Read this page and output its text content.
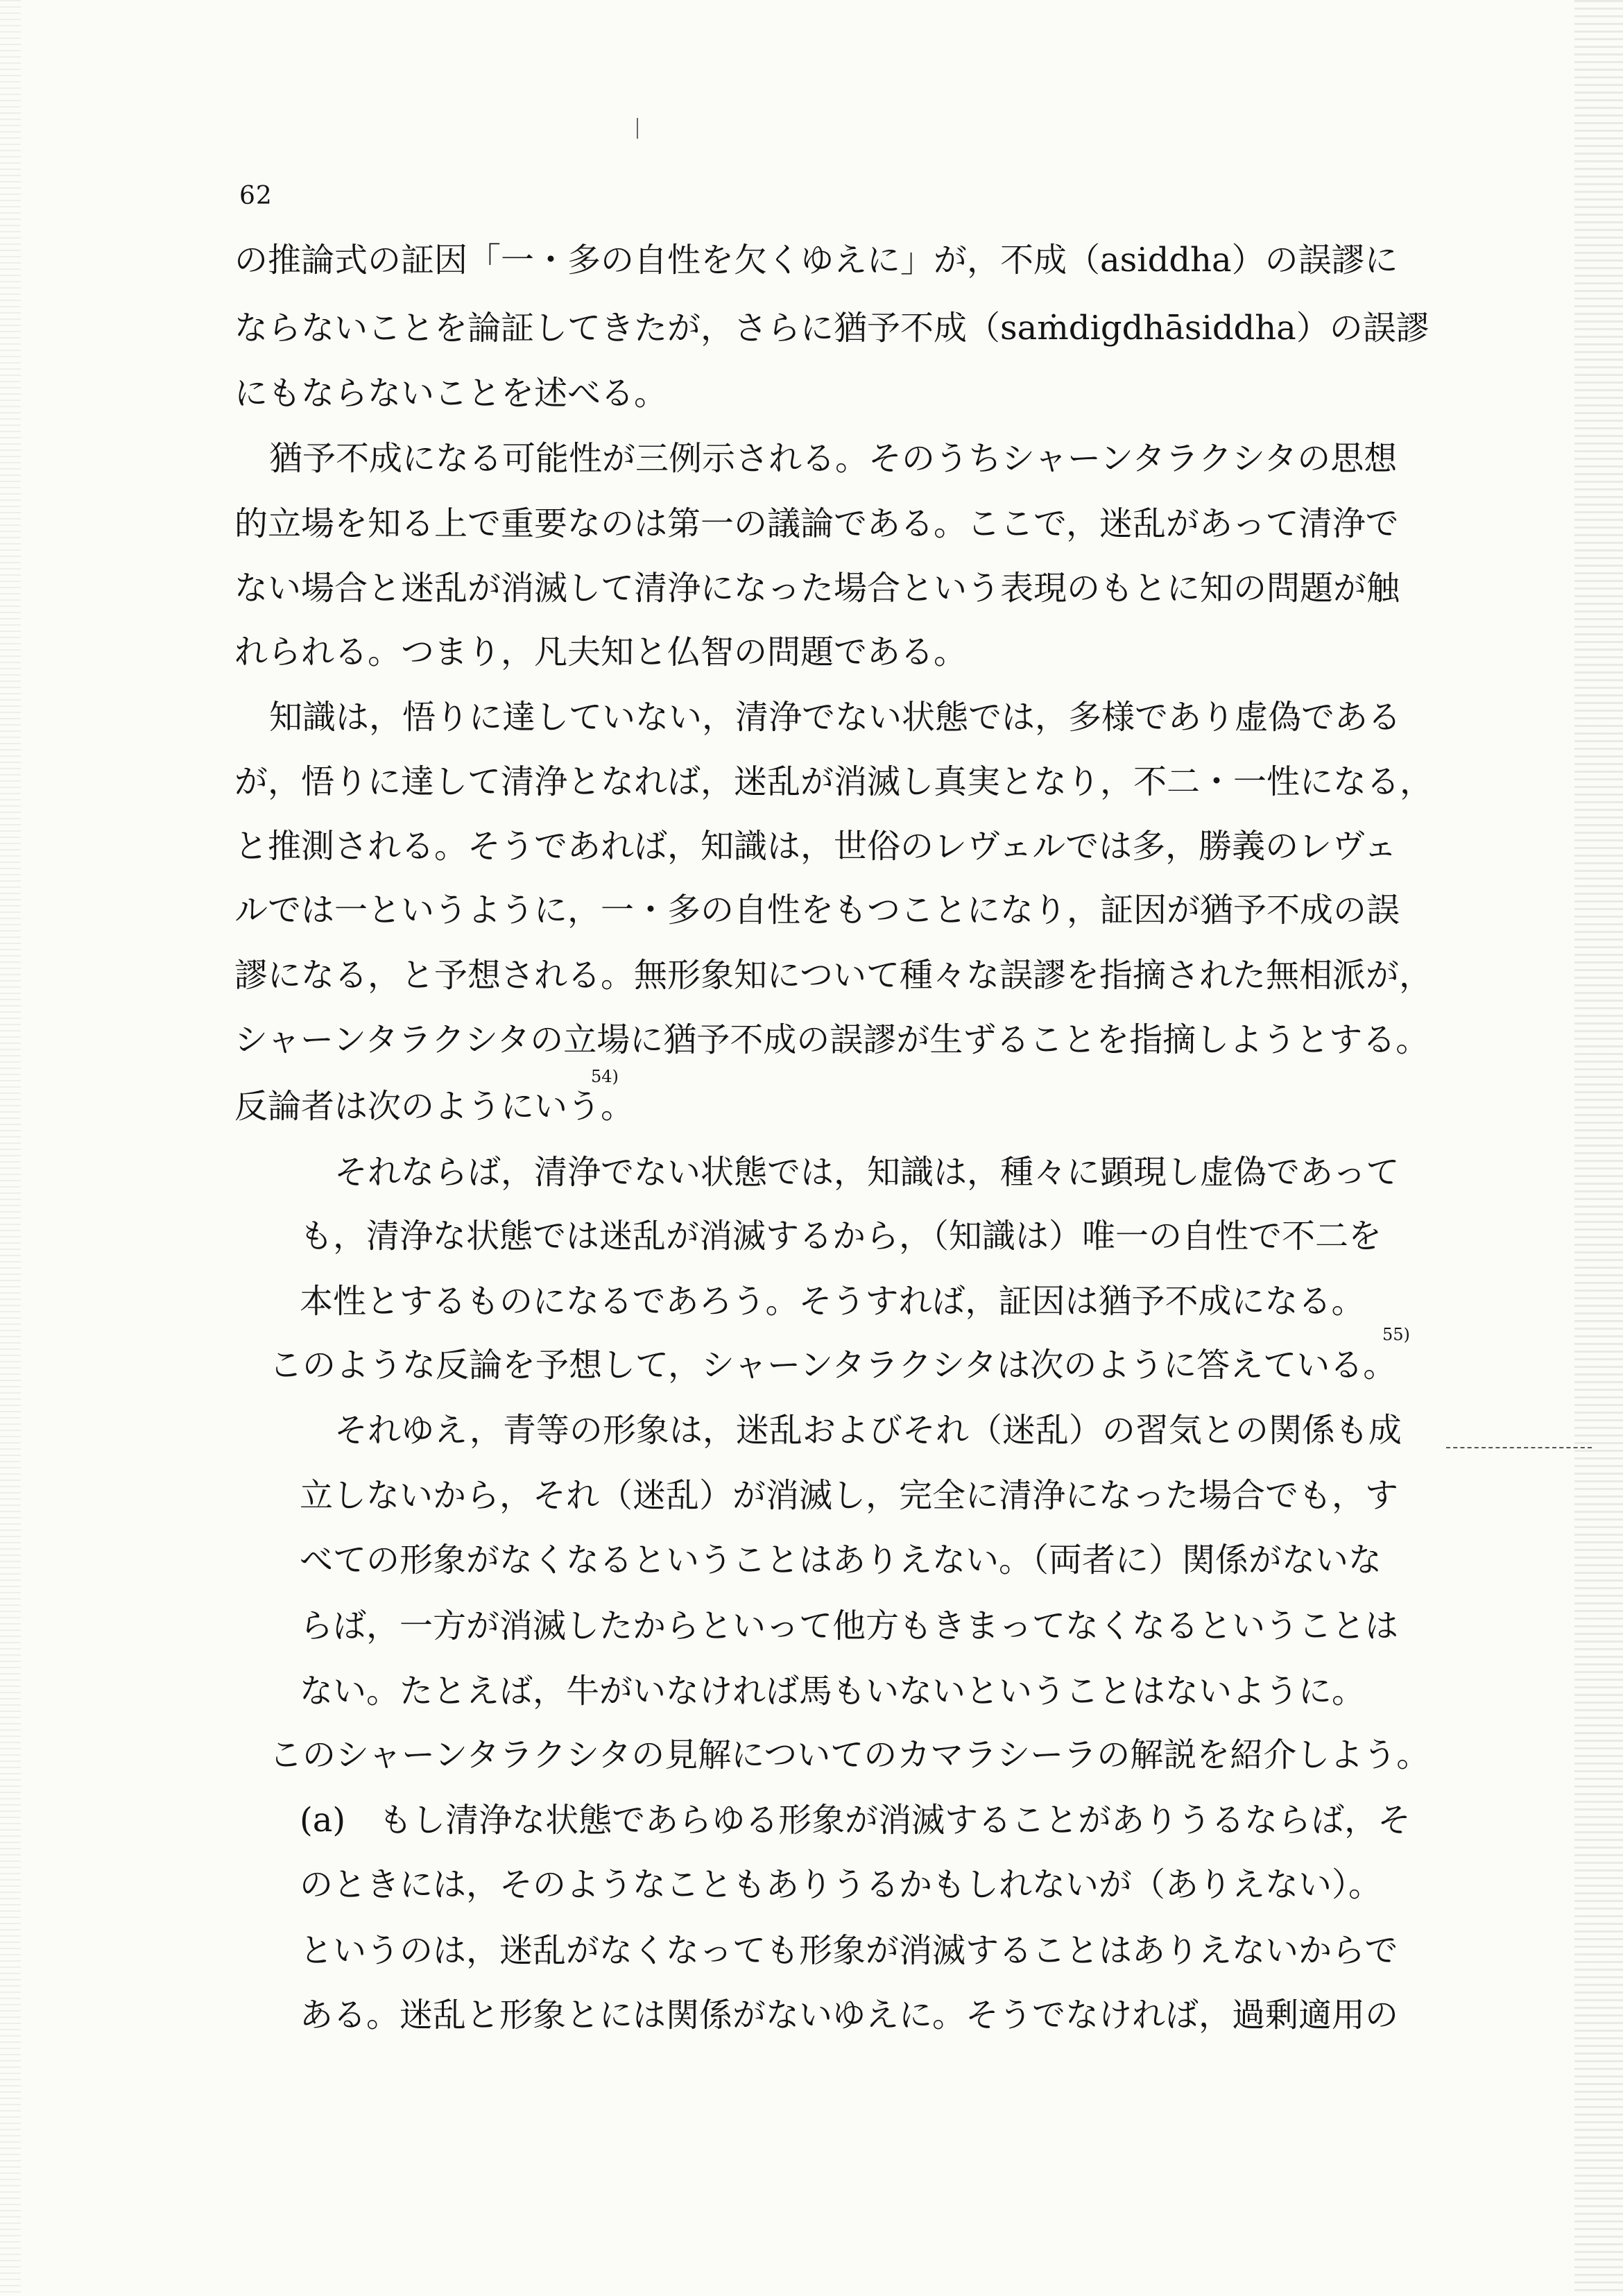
62
の推論式の証因「一・多の自性を欠くゆえに」が，不成（asiddha）の誤謬に
ならないことを論証してきたが，さらに猶予不成（saṁdigdhāsiddha）の誤謬
にもならないことを述べる。
猶予不成になる可能性が三例示される。そのうちシャーンタラクシタの思想
的立場を知る上で重要なのは第一の議論である。ここで，迷乱があって清浄で
ない場合と迷乱が消滅して清浄になった場合という表現のもとに知の問題が触
れられる。つまり，凡夫知と仏智の問題である。
知識は，悟りに達していない，清浄でない状態では，多様であり虚偽である
が，悟りに達して清浄となれば，迷乱が消滅し真実となり，不二・一性になる，
と推測される。そうであれば，知識は，世俗のレヴェルでは多，勝義のレヴェ
ルでは一というように，一・多の自性をもつことになり，証因が猶予不成の誤
謬になる，と予想される。無形象知について種々な誤謬を指摘された無相派が，
シャーンタラクシタの立場に猶予不成の誤謬が生ずることを指摘しようとする。
反論者は次のようにいう。
54)
それならば，清浄でない状態では，知識は，種々に顕現し虚偽であって
も，清浄な状態では迷乱が消滅するから，（知識は）唯一の自性で不二を
本性とするものになるであろう。そうすれば，証因は猶予不成になる。
このような反論を予想して，シャーンタラクシタは次のように答えている。
55)
それゆえ，青等の形象は，迷乱およびそれ（迷乱）の習気との関係も成
立しないから，それ（迷乱）が消滅し，完全に清浄になった場合でも，す
べての形象がなくなるということはありえない。（両者に）関係がないな
らば，一方が消滅したからといって他方もきまってなくなるということは
ない。たとえば，牛がいなければ馬もいないということはないように。
このシャーンタラクシタの見解についてのカマラシーラの解説を紹介しよう。
(a)　もし清浄な状態であらゆる形象が消滅することがありうるならば，そ
のときには，そのようなこともありうるかもしれないが（ありえない）。
というのは，迷乱がなくなっても形象が消滅することはありえないからで
ある。迷乱と形象とには関係がないゆえに。そうでなければ，過剰適用の
